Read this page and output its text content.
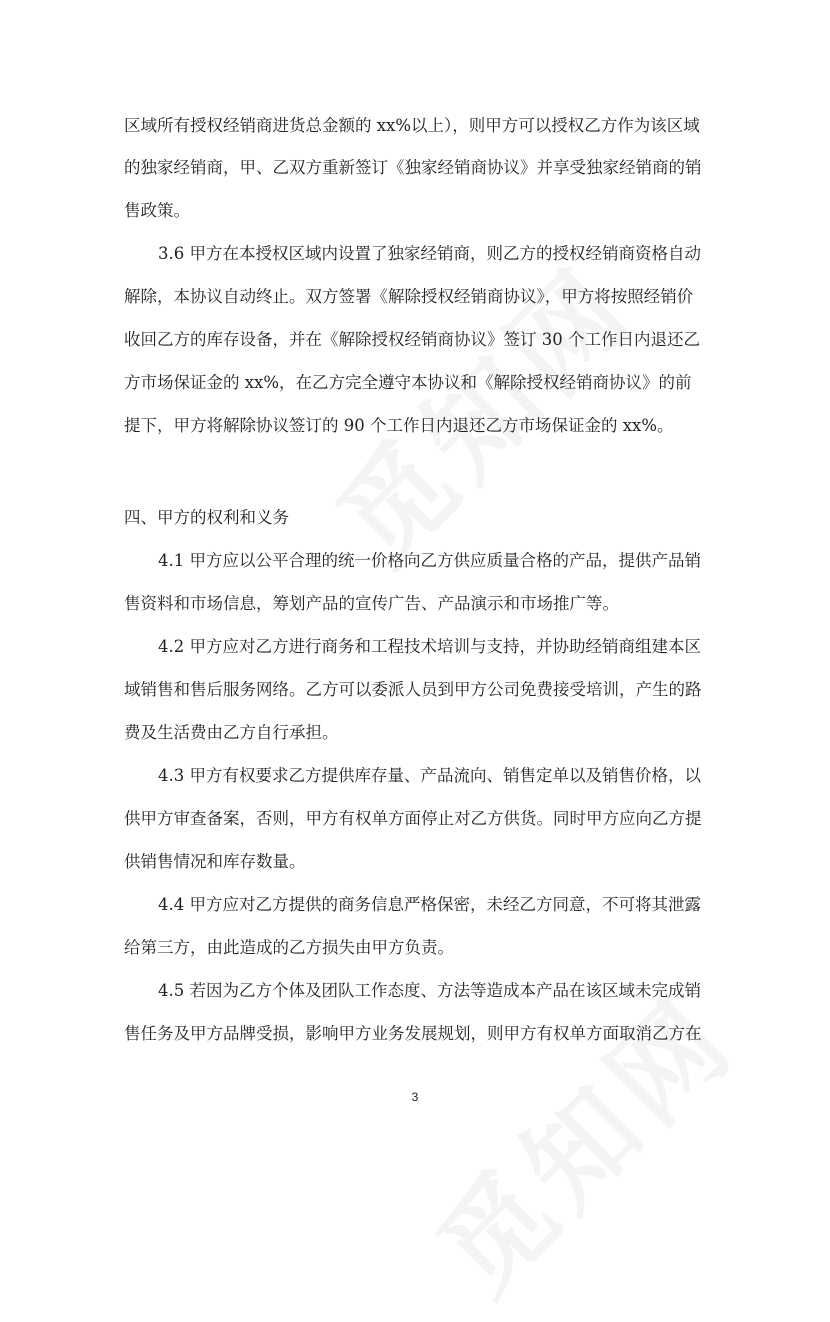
区域所有授权经销商进货总金额的 xx%以上），则甲方可以授权乙方作为该区域
的独家经销商，甲、乙双方重新签订《独家经销商协议》并享受独家经销商的销
售政策。
3.6 甲方在本授权区域内设置了独家经销商，则乙方的授权经销商资格自动
解除，本协议自动终止。双方签署《解除授权经销商协议》，甲方将按照经销价
收回乙方的库存设备，并在《解除授权经销商协议》签订 30 个工作日内退还乙
方市场保证金的 xx%，在乙方完全遵守本协议和《解除授权经销商协议》的前
提下，甲方将解除协议签订的 90 个工作日内退还乙方市场保证金的 xx%。
四、甲方的权利和义务
4.1 甲方应以公平合理的统一价格向乙方供应质量合格的产品，提供产品销
售资料和市场信息，筹划产品的宣传广告、产品演示和市场推广等。
4.2 甲方应对乙方进行商务和工程技术培训与支持，并协助经销商组建本区
域销售和售后服务网络。乙方可以委派人员到甲方公司免费接受培训，产生的路
费及生活费由乙方自行承担。
4.3 甲方有权要求乙方提供库存量、产品流向、销售定单以及销售价格，以
供甲方审查备案，否则，甲方有权单方面停止对乙方供货。同时甲方应向乙方提
供销售情况和库存数量。
4.4 甲方应对乙方提供的商务信息严格保密，未经乙方同意，不可将其泄露
给第三方，由此造成的乙方损失由甲方负责。
4.5 若因为乙方个体及团队工作态度、方法等造成本产品在该区域未完成销
售任务及甲方品牌受损，影响甲方业务发展规划，则甲方有权单方面取消乙方在
3
